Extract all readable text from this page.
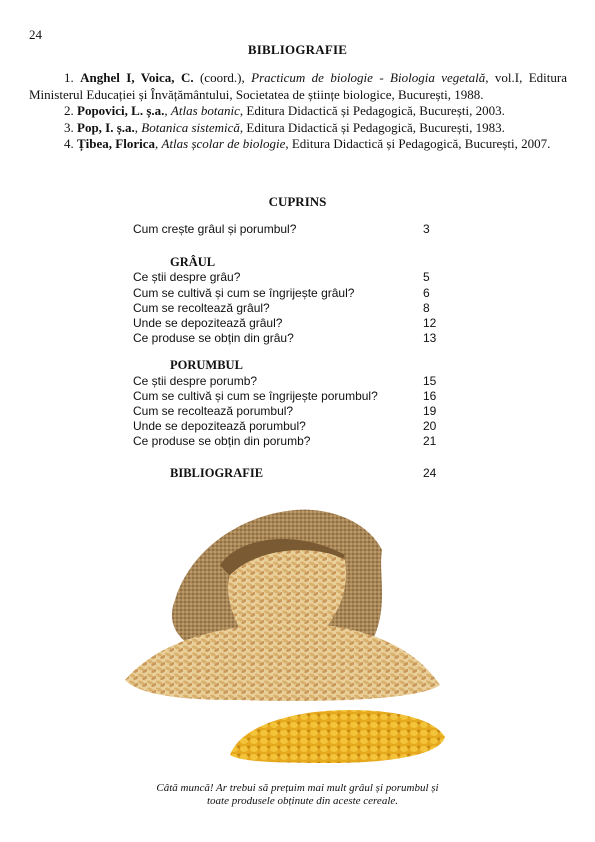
24
BIBLIOGRAFIE

1. Anghel I, Voica, C. (coord.), Practicum de biologie - Biologia vegetală, vol.I, Editura Ministerul Educației și Învățământului, Societatea de științe biologice, București, 1988.

2. Popovici, L. ș.a., Atlas botanic, Editura Didactică și Pedagogică, București, 2003.

3. Pop, I. ș.a., Botanica sistemică, Editura Didactică și Pedagogică, București, 1983.

4. Țibea, Florica, Atlas școlar de biologie, Editura Didactică și Pedagogică, București, 2007.

CUPRINS
Cum crește grâul și porumbul?	3
GRÂUL
Ce știi despre grâu?	5
Cum se cultivă și cum se îngrijește grâul?	6
Cum se recoltează grâul?	8
Unde se depozitează grâul?	12
Ce produse se obțin din grâu?	13
PORUMBUL
Ce știi despre porumb?	15
Cum se cultivă și cum se îngrijește porumbul?	16
Cum se recoltează porumbul?	19
Unde se depozitează porumbul?	20
Ce produse se obțin din porumb?	21
BIBLIOGRAFIE	24
Câtă muncă! Ar trebui să prețuim mai mult grâul și porumbul și
toate produsele obținute din aceste cereale.
